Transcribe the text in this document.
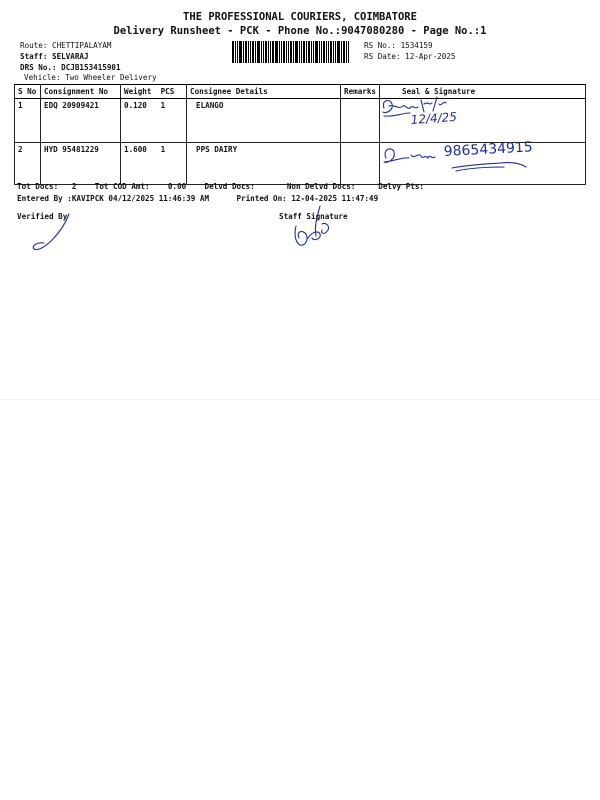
THE PROFESSIONAL COURIERS, COIMBATORE
Delivery Runsheet - PCK - Phone No.:9047080280 - Page No.:1
Route: CHETTIPALAYAM
Staff: SELVARAJ
DRS No.: DCJB153415901
Vehicle: Two Wheeler Delivery
RS No.: 1534159
RS Date: 12-Apr-2025
S No	Consignment No	Weight PCS	Consignee Details	Remarks	Seal & Signature
1	EDQ 20909421	0.120 1	ELANGO		
2	HYD 95481229	1.600 1	PPS DAIRY		
Tot Docs: 2 Tot COD Amt: 0.00 Delvd Docs:	Non Delvd Docs:	Delvy Pts:
Entered By :KAVIPCK 04/12/2025 11:46:39 AM	Printed On: 12-04-2025 11:47:49
Verified By	Staff Signature
12/4/25
9865434915
